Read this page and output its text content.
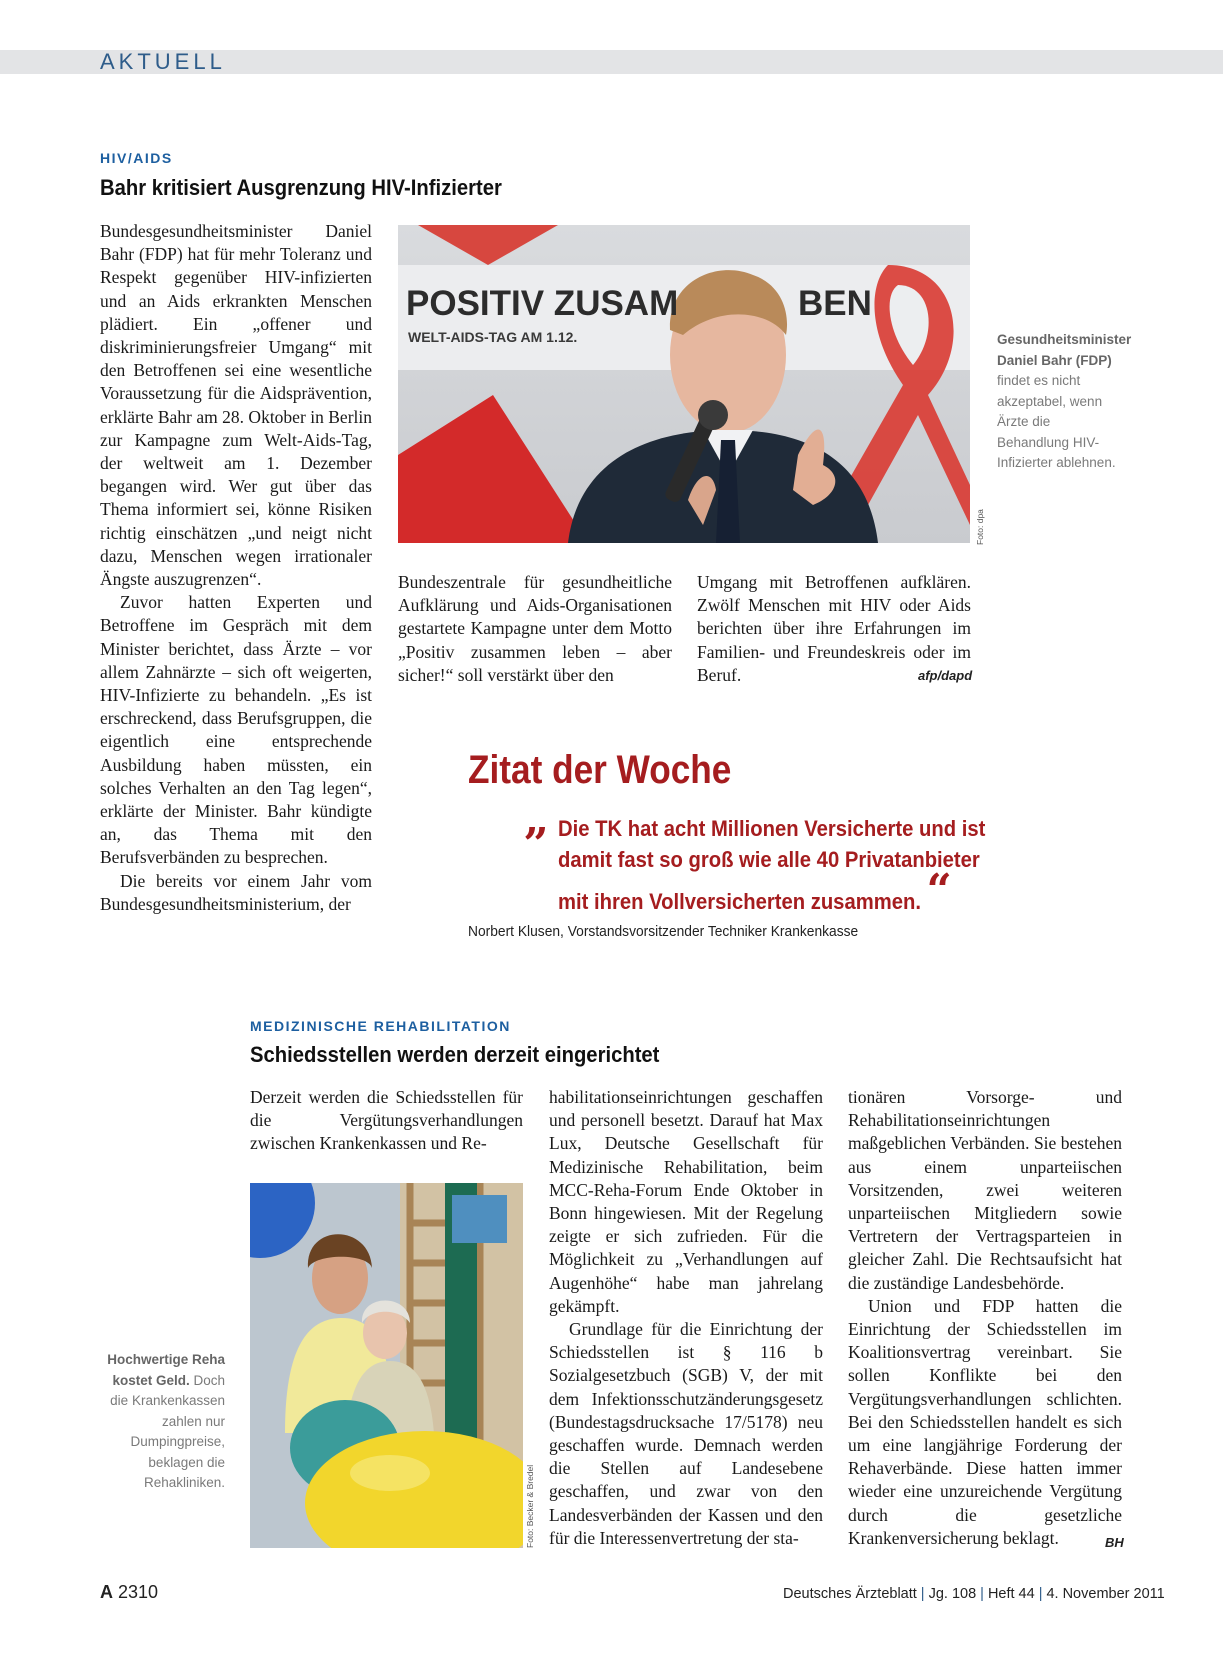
AKTUELL
HIV/AIDS
Bahr kritisiert Ausgrenzung HIV-Infizierter

Bundesgesundheitsminister Daniel Bahr (FDP) hat für mehr Toleranz und Respekt gegenüber HIV-infizierten und an Aids erkrankten Menschen plädiert. Ein „offener und diskriminierungsfreier Umgang“ mit den Betroffenen sei eine wesentliche Voraussetzung für die Aidsprävention, erklärte Bahr am 28. Oktober in Berlin zur Kampagne zum Welt-Aids-Tag, der weltweit am 1. Dezember begangen wird. Wer gut über das Thema informiert sei, könne Risiken richtig einschätzen „und neigt nicht dazu, Menschen wegen irrationaler Ängste auszugrenzen“.

Zuvor hatten Experten und Betroffene im Gespräch mit dem Minister berichtet, dass Ärzte – vor allem Zahnärzte – sich oft weigerten, HIV-Infizierte zu behandeln. „Es ist erschreckend, dass Berufsgruppen, die eigentlich eine entsprechende Ausbildung haben müssten, ein solches Verhalten an den Tag legen“, erklärte der Minister. Bahr kündigte an, das Thema mit den Berufsverbänden zu besprechen.

Die bereits vor einem Jahr vom Bundesgesundheitsministerium, der

POSITIV ZUSAM	BEN
WELT-AIDS-TAG AM 1.12.
Foto: dpa
Gesundheitsminister Daniel Bahr (FDP) findet es nicht akzeptabel, wenn Ärzte die Behandlung HIV-Infizierter ablehnen.

Bundeszentrale für gesundheitliche Aufklärung und Aids-Organisationen gestartete Kampagne unter dem Motto „Positiv zusammen leben – aber sicher!“ soll verstärkt über den

Umgang mit Betroffenen aufklären. Zwölf Menschen mit HIV oder Aids berichten über ihre Erfahrungen im Familien- und Freundeskreis oder im Beruf.	afp/dapd
Zitat der Woche
„ Die TK hat acht Millionen Versicherte und ist
damit fast so groß wie alle 40 Privatanbieter
mit ihren Vollversicherten zusammen. “
Norbert Klusen, Vorstandsvorsitzender Techniker Krankenkasse
MEDIZINISCHE REHABILITATION
Schiedsstellen werden derzeit eingerichtet

Derzeit werden die Schiedsstellen für die Vergütungsverhandlungen zwischen Krankenkassen und Re-

Foto: Becker & Bredel
Hochwertige Reha kostet Geld. Doch die Krankenkassen zahlen nur Dumpingpreise, beklagen die Rehakliniken.

habilitationseinrichtungen geschaffen und personell besetzt. Darauf hat Max Lux, Deutsche Gesellschaft für Medizinische Rehabilitation, beim MCC-Reha-Forum Ende Oktober in Bonn hingewiesen. Mit der Regelung zeigte er sich zufrieden. Für die Möglichkeit zu „Verhandlungen auf Augenhöhe“ habe man jahrelang gekämpft.

Grundlage für die Einrichtung der Schiedsstellen ist § 116 b Sozialgesetzbuch (SGB) V, der mit dem Infektionsschutzänderungsgesetz (Bundestagsdrucksache 17/5178) neu geschaffen wurde. Demnach werden die Stellen auf Landesebene geschaffen, und zwar von den Landesverbänden der Kassen und den für die Interessenvertretung der sta-

tionären Vorsorge- und Rehabilitationseinrichtungen maßgeblichen Verbänden. Sie bestehen aus einem unparteiischen Vorsitzenden, zwei weiteren unparteiischen Mitgliedern sowie Vertretern der Vertragsparteien in gleicher Zahl. Die Rechtsaufsicht hat die zuständige Landesbehörde.

Union und FDP hatten die Einrichtung der Schiedsstellen im Koalitionsvertrag vereinbart. Sie sollen Konflikte bei den Vergütungsverhandlungen schlichten. Bei den Schiedsstellen handelt es sich um eine langjährige Forderung der Rehaverbände. Diese hatten immer wieder eine unzureichende Vergütung durch die gesetzliche Krankenversicherung beklagt.	BH
A 2310	Deutsches Ärzteblatt | Jg. 108 | Heft 44 | 4. November 2011
